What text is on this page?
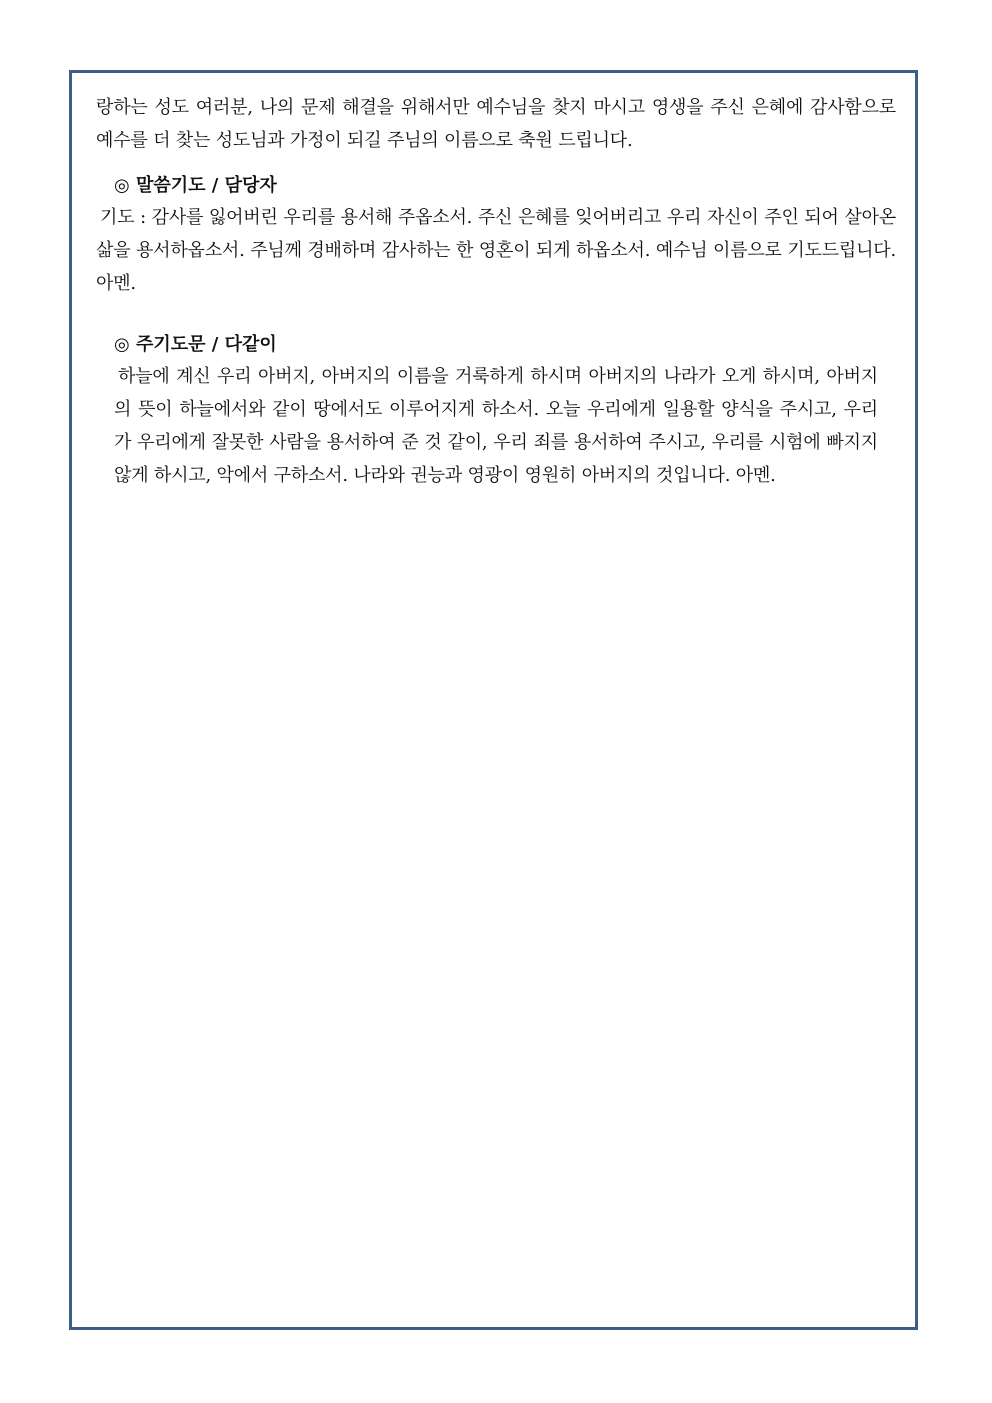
랑하는 성도 여러분, 나의 문제 해결을 위해서만 예수님을 찾지 마시고 영생을 주신 은혜에 감사함으로 예수를 더 찾는 성도님과 가정이 되길 주님의 이름으로 축원 드립니다.

◎ 말씀기도 / 담당자

기도 : 감사를 잃어버린 우리를 용서해 주옵소서. 주신 은혜를 잊어버리고 우리 자신이 주인 되어 살아온 삶을 용서하옵소서. 주님께 경배하며 감사하는 한 영혼이 되게 하옵소서. 예수님 이름으로 기도드립니다. 아멘.

◎ 주기도문 / 다같이

하늘에 계신 우리 아버지, 아버지의 이름을 거룩하게 하시며 아버지의 나라가 오게 하시며, 아버지의 뜻이 하늘에서와 같이 땅에서도 이루어지게 하소서. 오늘 우리에게 일용할 양식을 주시고, 우리가 우리에게 잘못한 사람을 용서하여 준 것 같이, 우리 죄를 용서하여 주시고, 우리를 시험에 빠지지 않게 하시고, 악에서 구하소서. 나라와 권능과 영광이 영원히 아버지의 것입니다. 아멘.
